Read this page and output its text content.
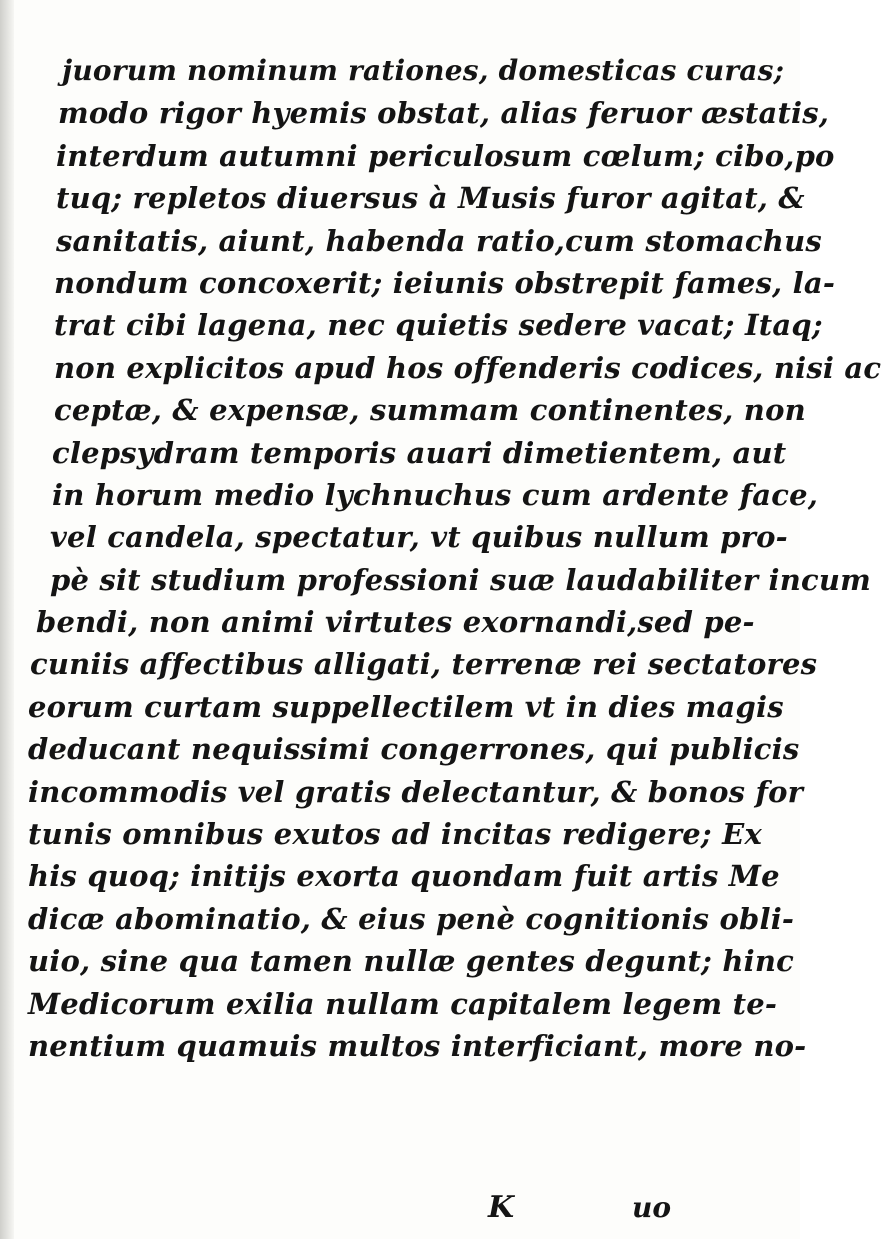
juorum nominum rationes, domesticas curas;
modo rigor hyemis obstat, alias feruor æstatis,
interdum autumni periculosum cœlum; cibo,po
tuq; repletos diuersus à Musis furor agitat, &
sanitatis, aiunt, habenda ratio,cum stomachus
nondum concoxerit; ieiunis obstrepit fames, la-
trat cibi lagena, nec quietis sedere vacat; Itaq;
non explicitos apud hos offenderis codices, nisi ac
ceptæ, & expensæ, summam continentes, non
clepsydram temporis auari dimetientem, aut
in horum medio lychnuchus cum ardente face,
vel candela, spectatur, vt quibus nullum pro-
pè sit studium professioni suæ laudabiliter incum
bendi, non animi virtutes exornandi,sed pe-
cuniis affectibus alligati, terrenæ rei sectatores
eorum curtam suppellectilem vt in dies magis
deducant nequissimi congerrones, qui publicis
incommodis vel gratis delectantur, & bonos for
tunis omnibus exutos ad incitas redigere; Ex
his quoq; initijs exorta quondam fuit artis Me
dicæ abominatio, & eius penè cognitionis obli-
uio, sine qua tamen nullæ gentes degunt; hinc
Medicorum exilia nullam capitalem legem te-
nentium quamuis multos interficiant, more no-
K	uo
